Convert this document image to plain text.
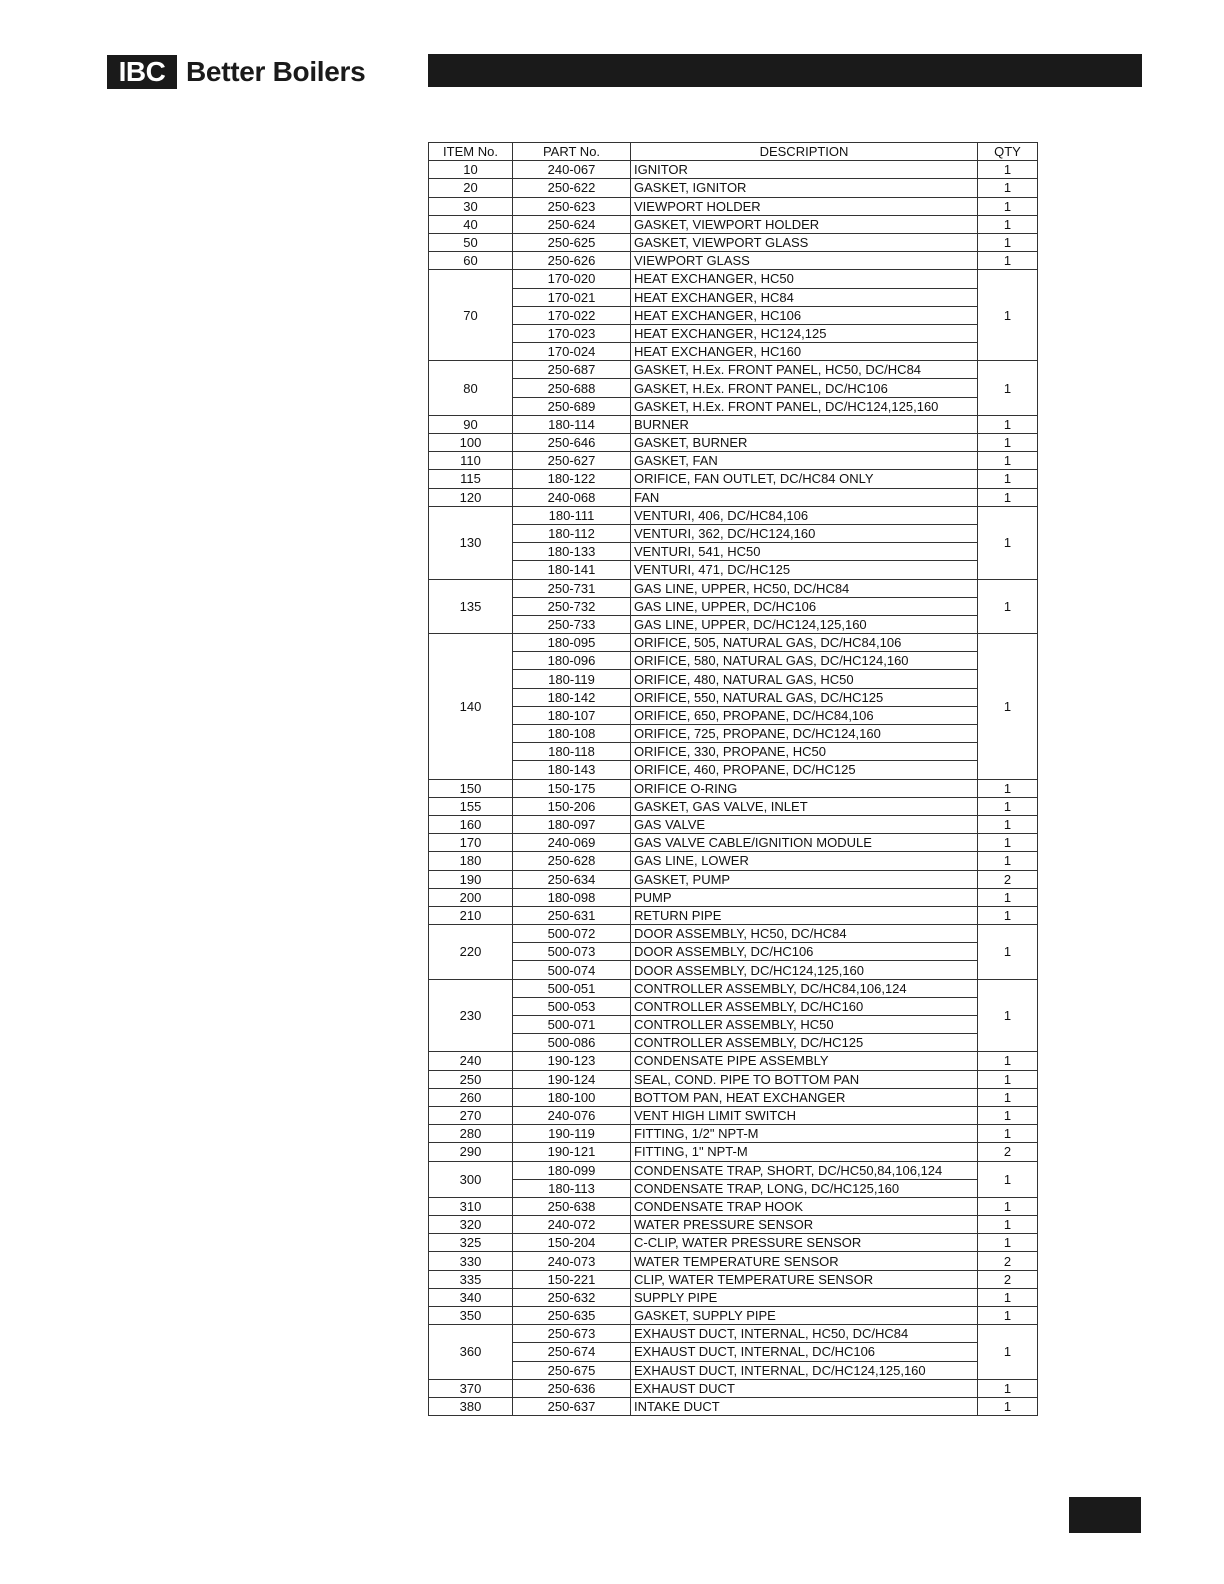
IBC Better Boilers
ITEM No.	PART No.	DESCRIPTION	QTY
10	240-067	IGNITOR	1
20	250-622	GASKET, IGNITOR	1
30	250-623	VIEWPORT HOLDER	1
40	250-624	GASKET, VIEWPORT HOLDER	1
50	250-625	GASKET, VIEWPORT GLASS	1
60	250-626	VIEWPORT GLASS	1
70	170-020	HEAT EXCHANGER, HC50	1
	170-021	HEAT EXCHANGER, HC84	
	170-022	HEAT EXCHANGER, HC106	
	170-023	HEAT EXCHANGER, HC124,125	
	170-024	HEAT EXCHANGER, HC160	
80	250-687	GASKET, H.Ex. FRONT PANEL, HC50, DC/HC84	1
	250-688	GASKET, H.Ex. FRONT PANEL, DC/HC106	
	250-689	GASKET, H.Ex. FRONT PANEL, DC/HC124,125,160	
90	180-114	BURNER	1
100	250-646	GASKET, BURNER	1
110	250-627	GASKET, FAN	1
115	180-122	ORIFICE, FAN OUTLET, DC/HC84 ONLY	1
120	240-068	FAN	1
130	180-111	VENTURI, 406, DC/HC84,106	1
	180-112	VENTURI, 362, DC/HC124,160	
	180-133	VENTURI, 541, HC50	
	180-141	VENTURI, 471, DC/HC125	
135	250-731	GAS LINE, UPPER, HC50, DC/HC84	1
	250-732	GAS LINE, UPPER, DC/HC106	
	250-733	GAS LINE, UPPER, DC/HC124,125,160	
140	180-095	ORIFICE, 505, NATURAL GAS, DC/HC84,106	1
	180-096	ORIFICE, 580, NATURAL GAS, DC/HC124,160	
	180-119	ORIFICE, 480, NATURAL GAS, HC50	
	180-142	ORIFICE, 550, NATURAL GAS, DC/HC125	
	180-107	ORIFICE, 650, PROPANE, DC/HC84,106	
	180-108	ORIFICE, 725, PROPANE, DC/HC124,160	
	180-118	ORIFICE, 330, PROPANE, HC50	
	180-143	ORIFICE, 460, PROPANE, DC/HC125	
150	150-175	ORIFICE O-RING	1
155	150-206	GASKET, GAS VALVE, INLET	1
160	180-097	GAS VALVE	1
170	240-069	GAS VALVE CABLE/IGNITION MODULE	1
180	250-628	GAS LINE, LOWER	1
190	250-634	GASKET, PUMP	2
200	180-098	PUMP	1
210	250-631	RETURN PIPE	1
220	500-072	DOOR ASSEMBLY, HC50, DC/HC84	1
	500-073	DOOR ASSEMBLY, DC/HC106	
	500-074	DOOR ASSEMBLY, DC/HC124,125,160	
230	500-051	CONTROLLER ASSEMBLY, DC/HC84,106,124	1
	500-053	CONTROLLER ASSEMBLY, DC/HC160	
	500-071	CONTROLLER ASSEMBLY, HC50	
	500-086	CONTROLLER ASSEMBLY, DC/HC125	
240	190-123	CONDENSATE PIPE ASSEMBLY	1
250	190-124	SEAL, COND. PIPE TO BOTTOM PAN	1
260	180-100	BOTTOM PAN, HEAT EXCHANGER	1
270	240-076	VENT HIGH LIMIT SWITCH	1
280	190-119	FITTING, 1/2" NPT-M	1
290	190-121	FITTING, 1" NPT-M	2
300	180-099	CONDENSATE TRAP, SHORT, DC/HC50,84,106,124	1
	180-113	CONDENSATE TRAP, LONG, DC/HC125,160	
310	250-638	CONDENSATE TRAP HOOK	1
320	240-072	WATER PRESSURE SENSOR	1
325	150-204	C-CLIP, WATER PRESSURE SENSOR	1
330	240-073	WATER TEMPERATURE SENSOR	2
335	150-221	CLIP, WATER TEMPERATURE SENSOR	2
340	250-632	SUPPLY PIPE	1
350	250-635	GASKET, SUPPLY PIPE	1
360	250-673	EXHAUST DUCT, INTERNAL, HC50, DC/HC84	1
	250-674	EXHAUST DUCT, INTERNAL, DC/HC106	
	250-675	EXHAUST DUCT, INTERNAL, DC/HC124,125,160	
370	250-636	EXHAUST DUCT	1
380	250-637	INTAKE DUCT	1
